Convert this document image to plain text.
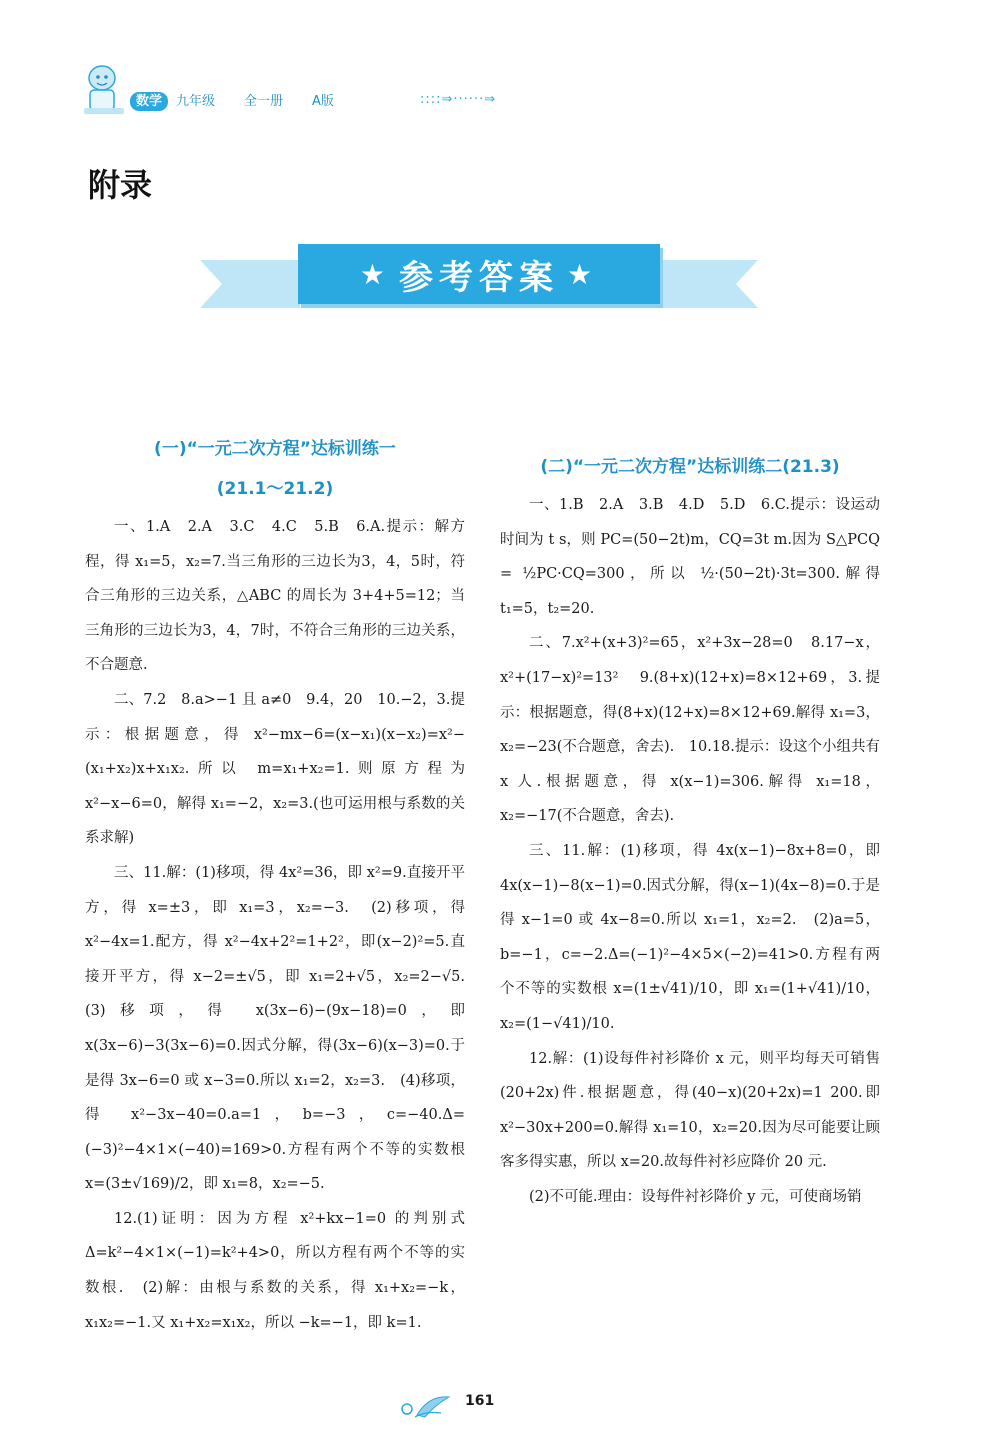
数学	九年级 全一册 A版	::::⇒······⇒
附录
★ 参考答案 ★
(一)“一元二次方程”达标训练一
(21.1～21.2)

一、1.A　2.A　3.C　4.C　5.B　6.A.提示：解方程，得 x₁=5，x₂=7.当三角形的三边长为3，4，5时，符合三角形的三边关系，△ABC 的周长为 3+4+5=12；当三角形的三边长为3，4，7时，不符合三角形的三边关系，不合题意.

二、7.2　8.a>−1 且 a≠0　9.4，20　10.−2，3.提示：根据题意，得 x²−mx−6=(x−x₁)(x−x₂)=x²−(x₁+x₂)x+x₁x₂.所以 m=x₁+x₂=1.则原方程为 x²−x−6=0，解得 x₁=−2，x₂=3.(也可运用根与系数的关系求解)

三、11.解：(1)移项，得 4x²=36，即 x²=9.直接开平方，得 x=±3，即 x₁=3，x₂=−3.　(2)移项，得 x²−4x=1.配方，得 x²−4x+2²=1+2²，即(x−2)²=5.直接开平方，得 x−2=±√5，即 x₁=2+√5，x₂=2−√5.　(3)移项，得 x(3x−6)−(9x−18)=0，即 x(3x−6)−3(3x−6)=0.因式分解，得(3x−6)(x−3)=0.于是得 3x−6=0 或 x−3=0.所以 x₁=2，x₂=3.　(4)移项，得 x²−3x−40=0.a=1，b=−3，c=−40.Δ=(−3)²−4×1×(−40)=169>0.方程有两个不等的实数根 x=(3±√169)/2，即 x₁=8，x₂=−5.

12.(1)证明：因为方程 x²+kx−1=0 的判别式 Δ=k²−4×1×(−1)=k²+4>0，所以方程有两个不等的实数根.　(2)解：由根与系数的关系，得 x₁+x₂=−k，x₁x₂=−1.又 x₁+x₂=x₁x₂，所以 −k=−1，即 k=1.

(二)“一元二次方程”达标训练二(21.3)

一、1.B　2.A　3.B　4.D　5.D　6.C.提示：设运动时间为 t s，则 PC=(50−2t)m，CQ=3t m.因为 S△PCQ = ½PC·CQ=300，所以 ½·(50−2t)·3t=300.解得 t₁=5，t₂=20.

二、7.x²+(x+3)²=65，x²+3x−28=0　8.17−x，x²+(17−x)²=13²　9.(8+x)(12+x)=8×12+69，3.提示：根据题意，得(8+x)(12+x)=8×12+69.解得 x₁=3，x₂=−23(不合题意，舍去).　10.18.提示：设这个小组共有 x 人.根据题意，得 x(x−1)=306.解得 x₁=18，x₂=−17(不合题意，舍去).

三、11.解：(1)移项，得 4x(x−1)−8x+8=0，即 4x(x−1)−8(x−1)=0.因式分解，得(x−1)(4x−8)=0.于是得 x−1=0 或 4x−8=0.所以 x₁=1，x₂=2.　(2)a=5，b=−1，c=−2.Δ=(−1)²−4×5×(−2)=41>0.方程有两个不等的实数根 x=(1±√41)/10，即 x₁=(1+√41)/10，x₂=(1−√41)/10.

12.解：(1)设每件衬衫降价 x 元，则平均每天可销售(20+2x)件.根据题意，得(40−x)(20+2x)=1 200.即 x²−30x+200=0.解得 x₁=10，x₂=20.因为尽可能要让顾客多得实惠，所以 x=20.故每件衬衫应降价 20 元.

(2)不可能.理由：设每件衬衫降价 y 元，可使商场销

161
